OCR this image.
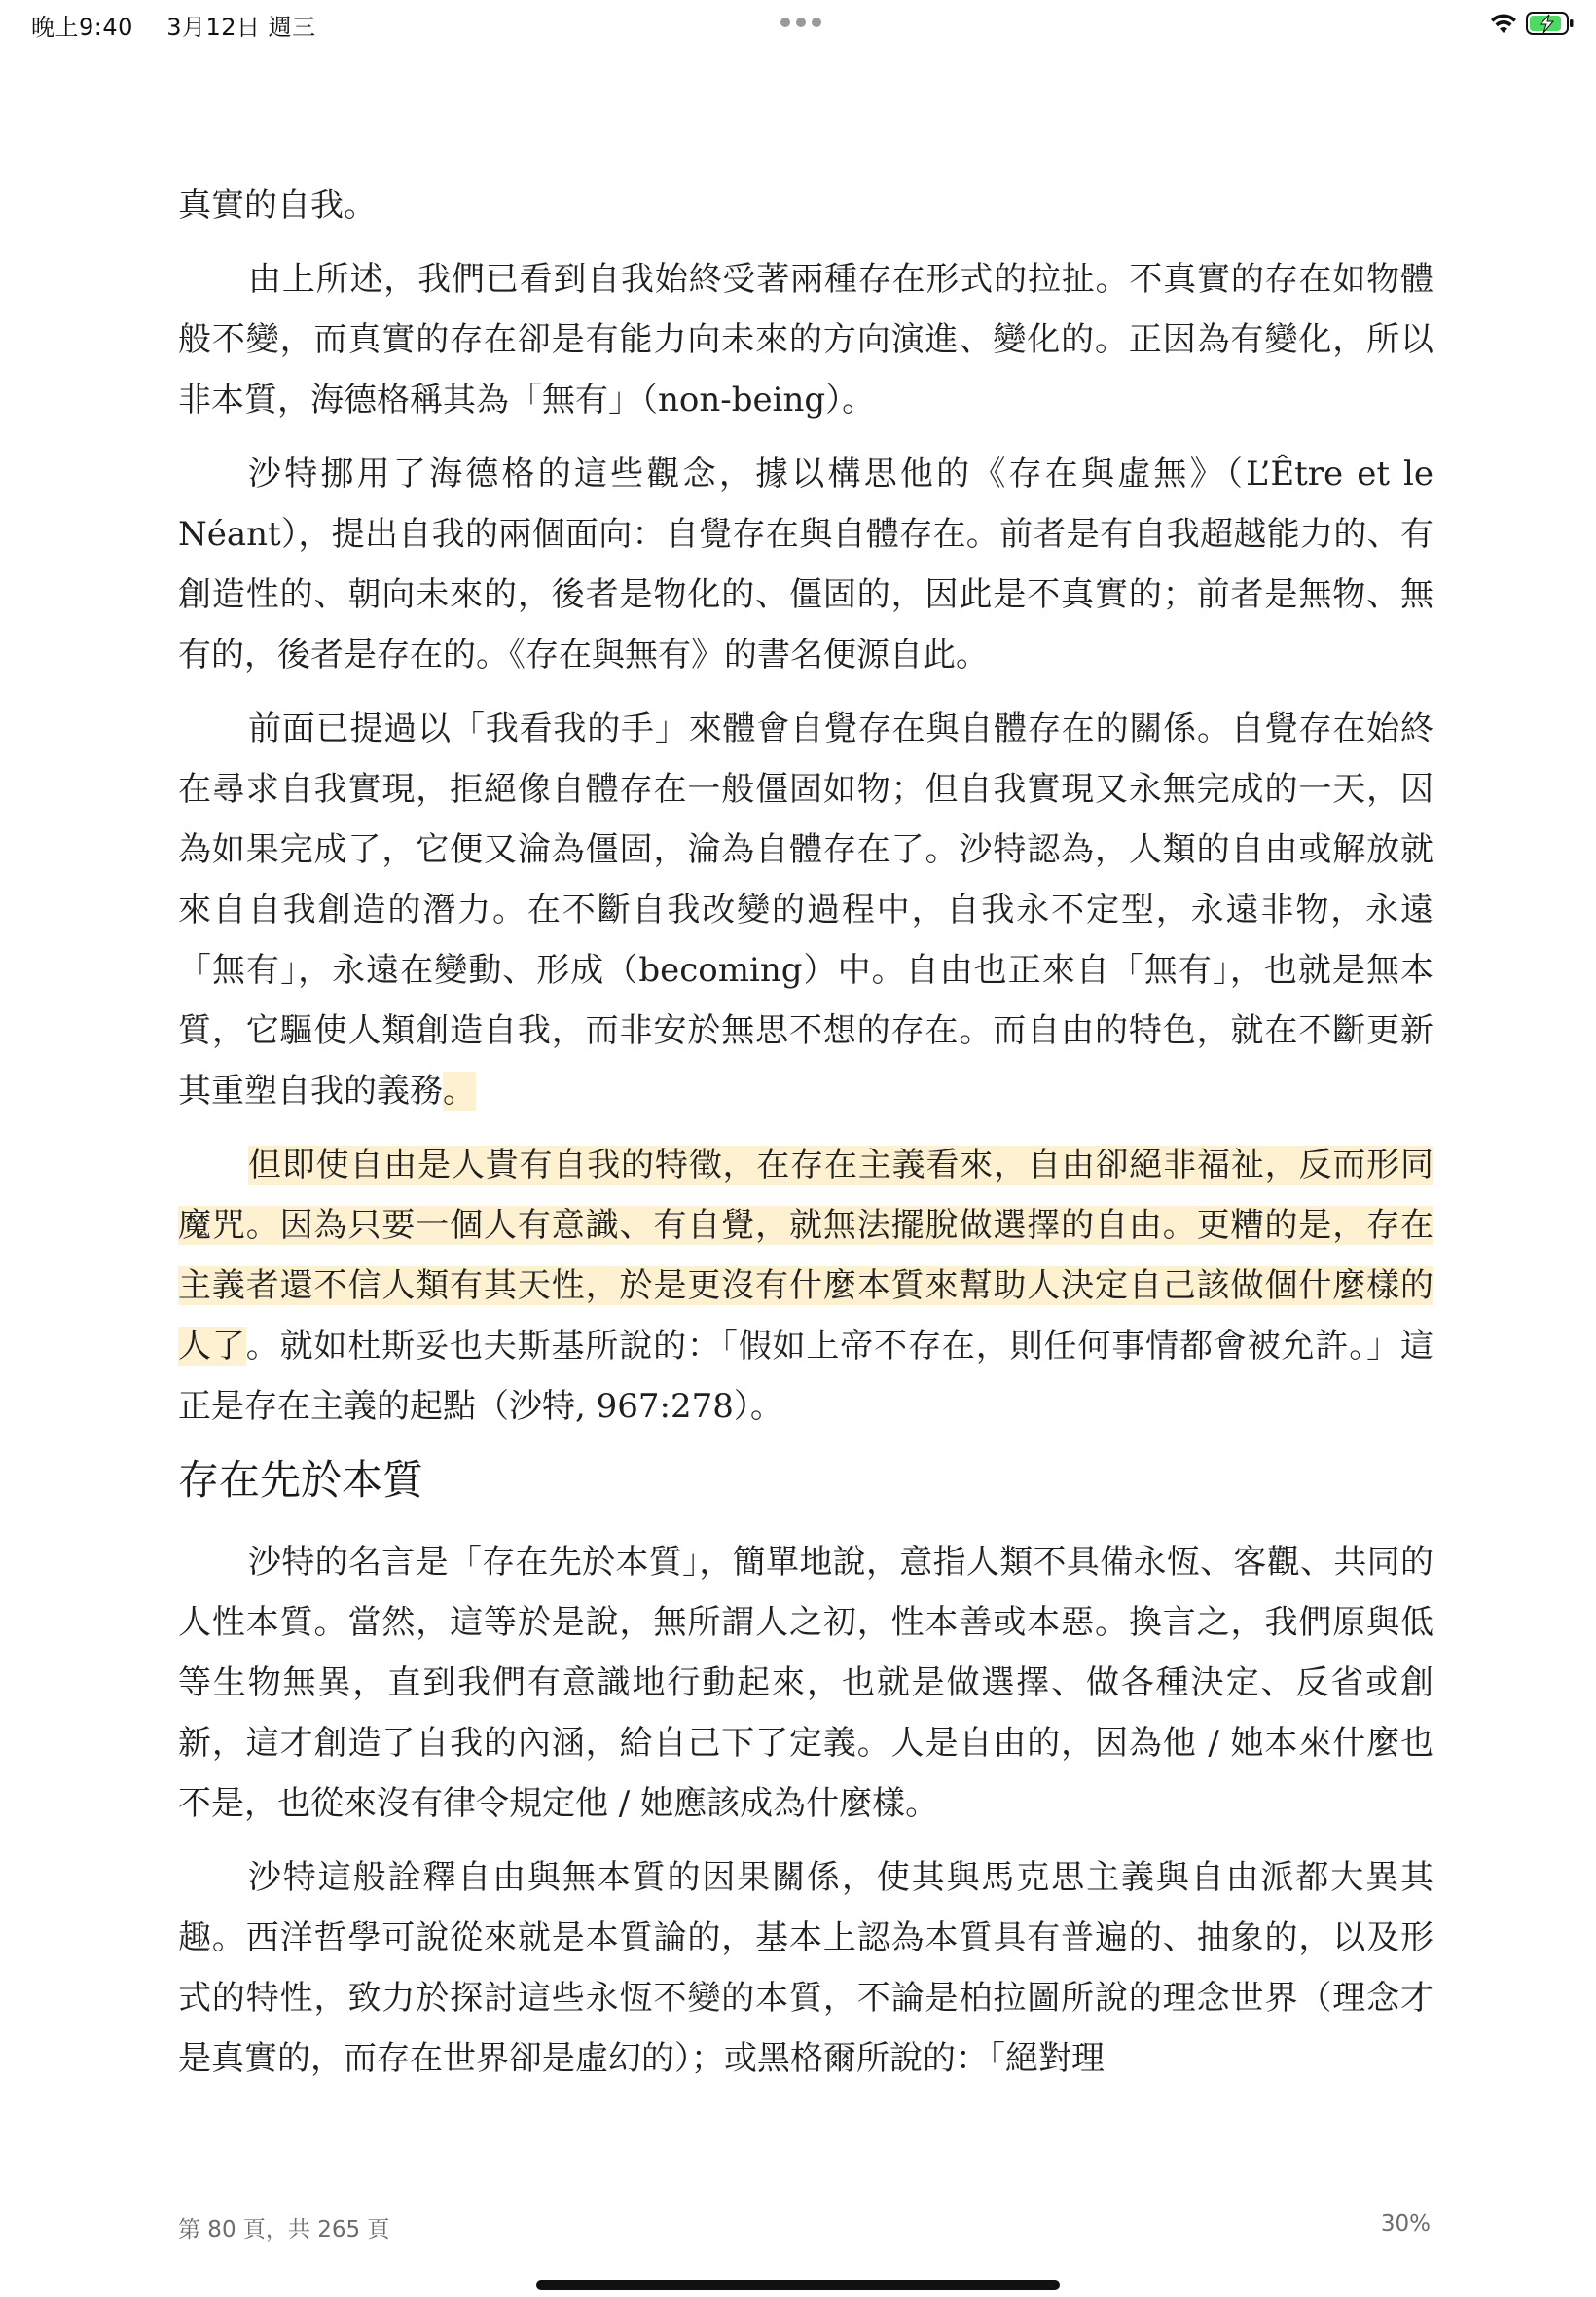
晚上9:40 3月12日 週三

真實的自我。

由上所述，我們已看到自我始終受著兩種存在形式的拉扯。不真實的存在如物體般不變，而真實的存在卻是有能力向未來的方向演進、變化的。正因為有變化，所以非本質，海德格稱其為「無有」（non-being）。

沙特挪用了海德格的這些觀念，據以構思他的《存在與虛無》（L’Être et le Néant），提出自我的兩個面向：自覺存在與自體存在。前者是有自我超越能力的、有創造性的、朝向未來的，後者是物化的、僵固的，因此是不真實的；前者是無物、無有的，後者是存在的。《存在與無有》的書名便源自此。

前面已提過以「我看我的手」來體會自覺存在與自體存在的關係。自覺存在始終在尋求自我實現，拒絕像自體存在一般僵固如物；但自我實現又永無完成的一天，因為如果完成了，它便又淪為僵固，淪為自體存在了。沙特認為，人類的自由或解放就來自自我創造的潛力。在不斷自我改變的過程中，自我永不定型，永遠非物，永遠「無有」，永遠在變動、形成（becoming）中。自由也正來自「無有」，也就是無本質，它驅使人類創造自我，而非安於無思不想的存在。而自由的特色，就在不斷更新其重塑自我的義務。

但即使自由是人貴有自我的特徵，在存在主義看來，自由卻絕非福祉，反而形同魔咒。因為只要一個人有意識、有自覺，就無法擺脫做選擇的自由。更糟的是，存在主義者還不信人類有其天性，於是更沒有什麼本質來幫助人決定自己該做個什麼樣的人了。就如杜斯妥也夫斯基所說的：「假如上帝不存在，則任何事情都會被允許。」這正是存在主義的起點（沙特, 967:278）。

存在先於本質

沙特的名言是「存在先於本質」，簡單地說，意指人類不具備永恆、客觀、共同的人性本質。當然，這等於是說，無所謂人之初，性本善或本惡。換言之，我們原與低等生物無異，直到我們有意識地行動起來，也就是做選擇、做各種決定、反省或創新，這才創造了自我的內涵，給自己下了定義。人是自由的，因為他 / 她本來什麼也不是，也從來沒有律令規定他 / 她應該成為什麼樣。

沙特這般詮釋自由與無本質的因果關係，使其與馬克思主義與自由派都大異其趣。西洋哲學可說從來就是本質論的，基本上認為本質具有普遍的、抽象的，以及形式的特性，致力於探討這些永恆不變的本質，不論是柏拉圖所說的理念世界（理念才是真實的，而存在世界卻是虛幻的）；或黑格爾所說的：「絕對理

第 80 頁，共 265 頁	30%
